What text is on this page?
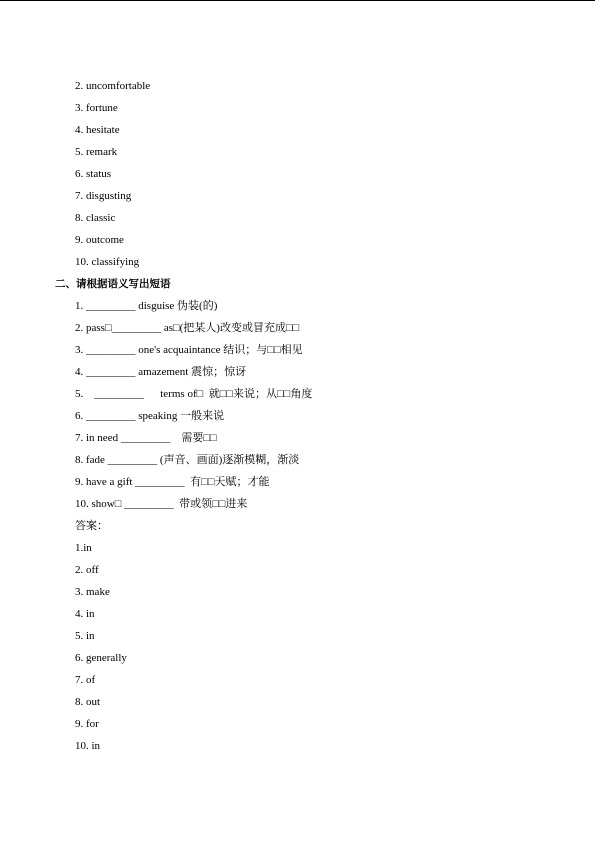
2. uncomfortable
3. fortune
4. hesitate
5. remark
6. status
7. disgusting
8. classic
9. outcome
10. classifying
二、请根据语义写出短语
1. _________ disguise 伪装(的)
2. pass□_________ as□(把某人)改变或冒充成□□
3. _________ one's acquaintance 结识；与□□相见
4. _________ amazement 震惊；惊讶
5.    _________      terms of□  就□□来说；从□□角度
6. _________ speaking 一般来说
7. in need _________    需要□□
8. fade _________ (声音、画面)逐渐模糊，渐淡
9. have a gift _________  有□□天赋；才能
10. show□ _________  带或领□□进来
答案：
1.in
2. off
3. make
4. in
5. in
6. generally
7. of
8. out
9. for
10. in
